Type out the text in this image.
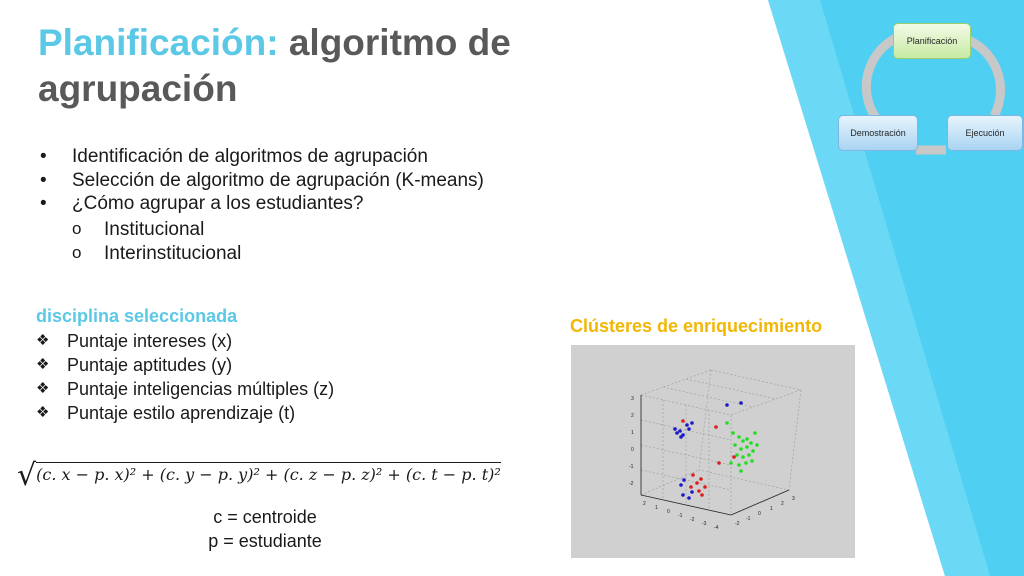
Planificación: algoritmo de agrupación
• Identificación de algoritmos de agrupación
• Selección de algoritmo de agrupación (K-means)
• ¿Cómo agrupar a los estudiantes?
o Institucional
o Interinstitucional
disciplina seleccionada
❖ Puntaje intereses (x)
❖ Puntaje aptitudes (y)
❖ Puntaje inteligencias múltiples (z)
❖ Puntaje estilo aprendizaje (t)
√(c. x − p. x)² + (c. y − p. y)² + (c. z − p. z)² + (c. t − p. t)²
c = centroide
p = estudiante
Clústeres de enriquecimiento
3
2
1
0
-1
-2
2
1
0
-1
-2
-3
-4
-2
-1
0
1
2
3
Planificación
Ejecución
Demostración
